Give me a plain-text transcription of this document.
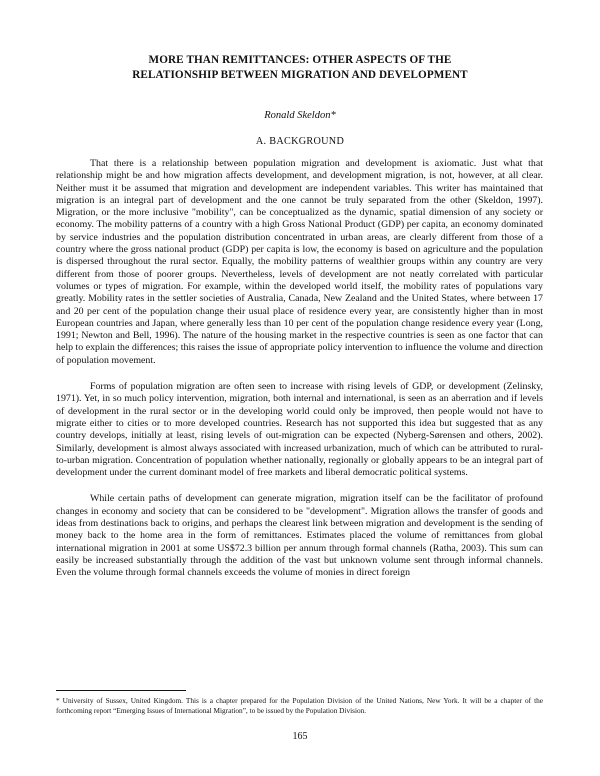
MORE THAN REMITTANCES: OTHER ASPECTS OF THE
RELATIONSHIP BETWEEN MIGRATION AND DEVELOPMENT
Ronald Skeldon*
A. BACKGROUND

That there is a relationship between population migration and development is axiomatic. Just what that relationship might be and how migration affects development, and development migration, is not, however, at all clear. Neither must it be assumed that migration and development are independent variables. This writer has maintained that migration is an integral part of development and the one cannot be truly separated from the other (Skeldon, 1997). Migration, or the more inclusive "mobility", can be conceptualized as the dynamic, spatial dimension of any society or economy. The mobility patterns of a country with a high Gross National Product (GDP) per capita, an economy dominated by service industries and the population distribution concentrated in urban areas, are clearly different from those of a country where the gross national product (GDP) per capita is low, the economy is based on agriculture and the population is dispersed throughout the rural sector. Equally, the mobility patterns of wealthier groups within any country are very different from those of poorer groups. Nevertheless, levels of development are not neatly correlated with particular volumes or types of migration. For example, within the developed world itself, the mobility rates of populations vary greatly. Mobility rates in the settler societies of Australia, Canada, New Zealand and the United States, where between 17 and 20 per cent of the population change their usual place of residence every year, are consistently higher than in most European countries and Japan, where generally less than 10 per cent of the population change residence every year (Long, 1991; Newton and Bell, 1996). The nature of the housing market in the respective countries is seen as one factor that can help to explain the differences; this raises the issue of appropriate policy intervention to influence the volume and direction of population movement.

Forms of population migration are often seen to increase with rising levels of GDP, or development (Zelinsky, 1971). Yet, in so much policy intervention, migration, both internal and international, is seen as an aberration and if levels of development in the rural sector or in the developing world could only be improved, then people would not have to migrate either to cities or to more developed countries. Research has not supported this idea but suggested that as any country develops, initially at least, rising levels of out-migration can be expected (Nyberg-Sørensen and others, 2002). Similarly, development is almost always associated with increased urbanization, much of which can be attributed to rural-to-urban migration. Concentration of population whether nationally, regionally or globally appears to be an integral part of development under the current dominant model of free markets and liberal democratic political systems.

While certain paths of development can generate migration, migration itself can be the facilitator of profound changes in economy and society that can be considered to be "development". Migration allows the transfer of goods and ideas from destinations back to origins, and perhaps the clearest link between migration and development is the sending of money back to the home area in the form of remittances. Estimates placed the volume of remittances from global international migration in 2001 at some US$72.3 billion per annum through formal channels (Ratha, 2003). This sum can easily be increased substantially through the addition of the vast but unknown volume sent through informal channels. Even the volume through formal channels exceeds the volume of monies in direct foreign

* University of Sussex, United Kingdom. This is a chapter prepared for the Population Division of the United Nations, New York. It will be a chapter of the forthcoming report “Emerging Issues of International Migration”, to be issued by the Population Division.
165
